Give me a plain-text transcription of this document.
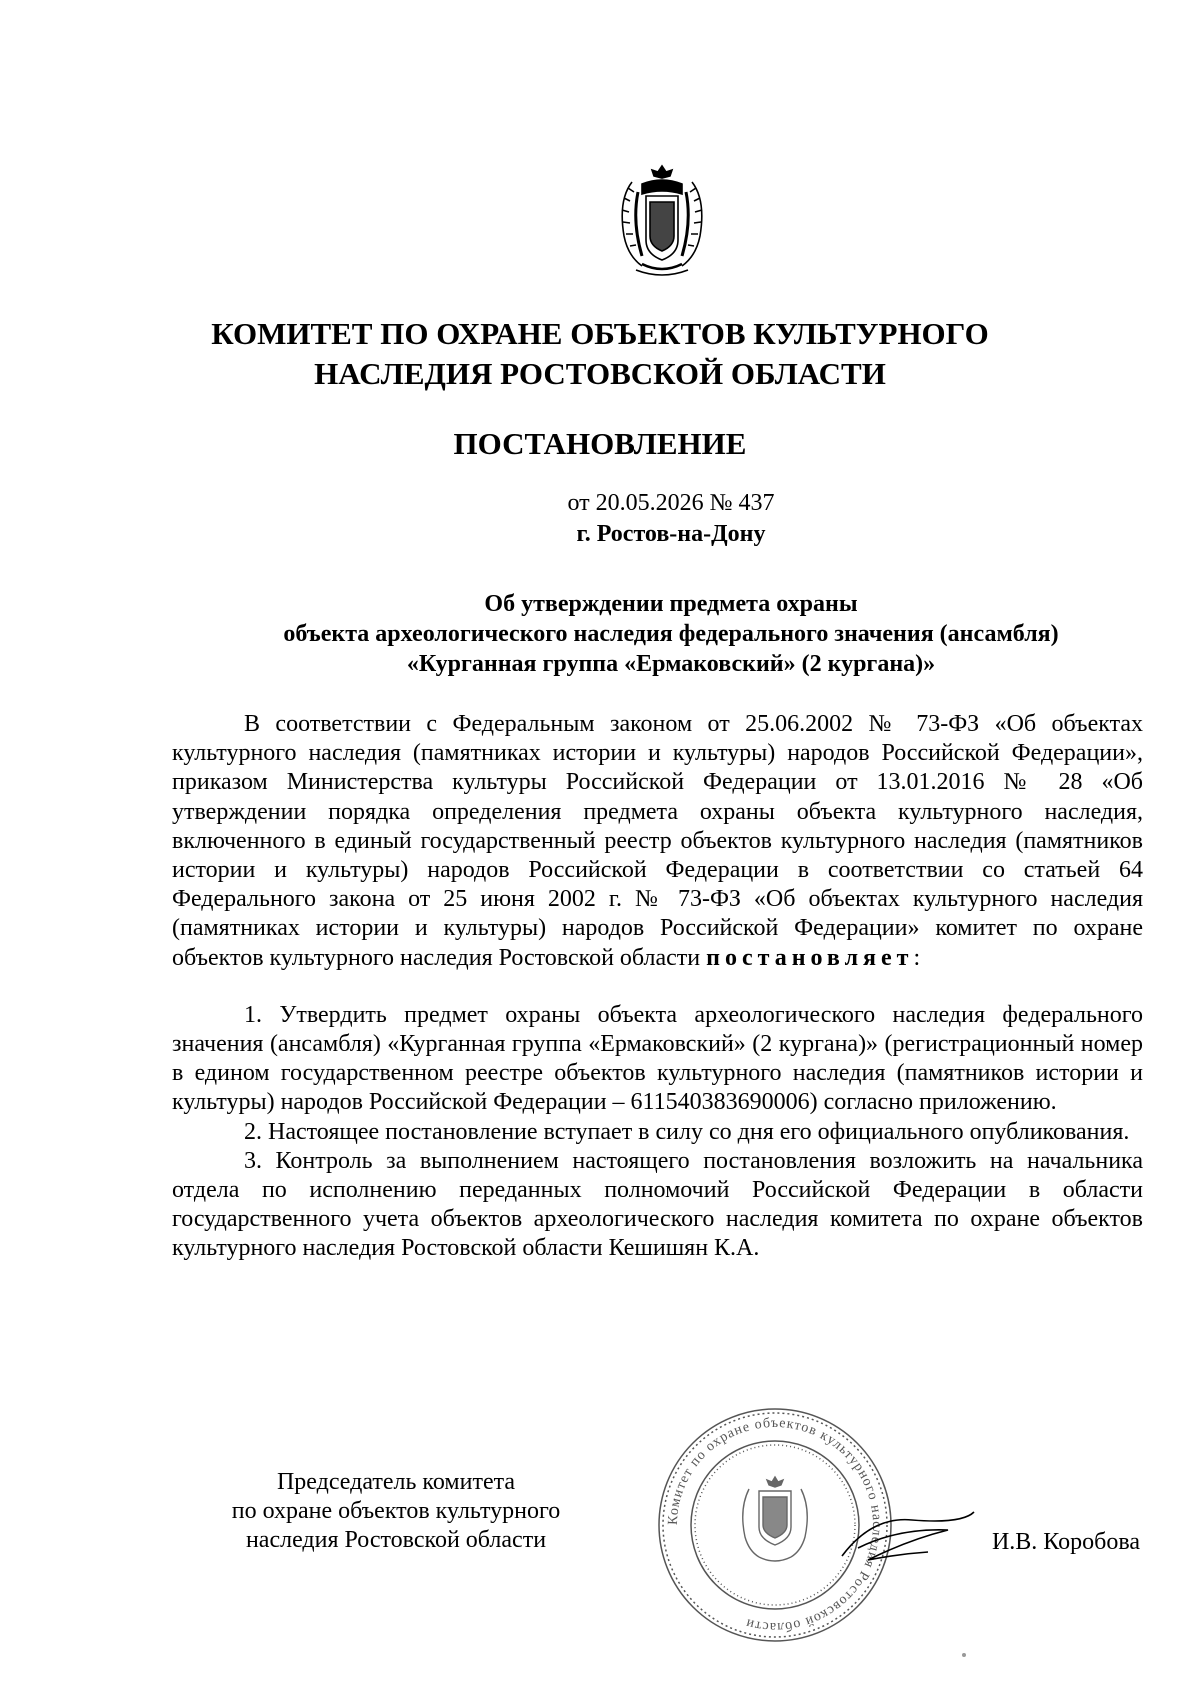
КОМИТЕТ ПО ОХРАНЕ ОБЪЕКТОВ КУЛЬТУРНОГО
НАСЛЕДИЯ РОСТОВСКОЙ ОБЛАСТИ
ПОСТАНОВЛЕНИЕ
от 20.05.2026 № 437
г. Ростов-на-Дону
Об утверждении предмета охраны
объекта археологического наследия федерального значения (ансамбля)
«Курганная группа «Ермаковский» (2 кургана)»

В соответствии с Федеральным законом от 25.06.2002 № 73-ФЗ «Об объектах культурного наследия (памятниках истории и культуры) народов Российской Федерации», приказом Министерства культуры Российской Федерации от 13.01.2016 № 28 «Об утверждении порядка определения предмета охраны объекта культурного наследия, включенного в единый государственный реестр объектов культурного наследия (памятников истории и культуры) народов Российской Федерации в соответствии со статьей 64 Федерального закона от 25 июня 2002 г. № 73-ФЗ «Об объектах культурного наследия (памятниках истории и культуры) народов Российской Федерации» комитет по охране объектов культурного наследия Ростовской области постановляет:

1. Утвердить предмет охраны объекта археологического наследия федерального значения (ансамбля) «Курганная группа «Ермаковский» (2 кургана)» (регистрационный номер в едином государственном реестре объектов культурного наследия (памятников истории и культуры) народов Российской Федерации – 611540383690006) согласно приложению.

2. Настоящее постановление вступает в силу со дня его официального опубликования.

3. Контроль за выполнением настоящего постановления возложить на начальника отдела по исполнению переданных полномочий Российской Федерации в области государственного учета объектов археологического наследия комитета по охране объектов культурного наследия Ростовской области Кешишян К.А.

Председатель комитета
по охране объектов культурного
наследия Ростовской области
Комитет по охране объектов культурного наследия Ростовской области
И.В. Коробова
